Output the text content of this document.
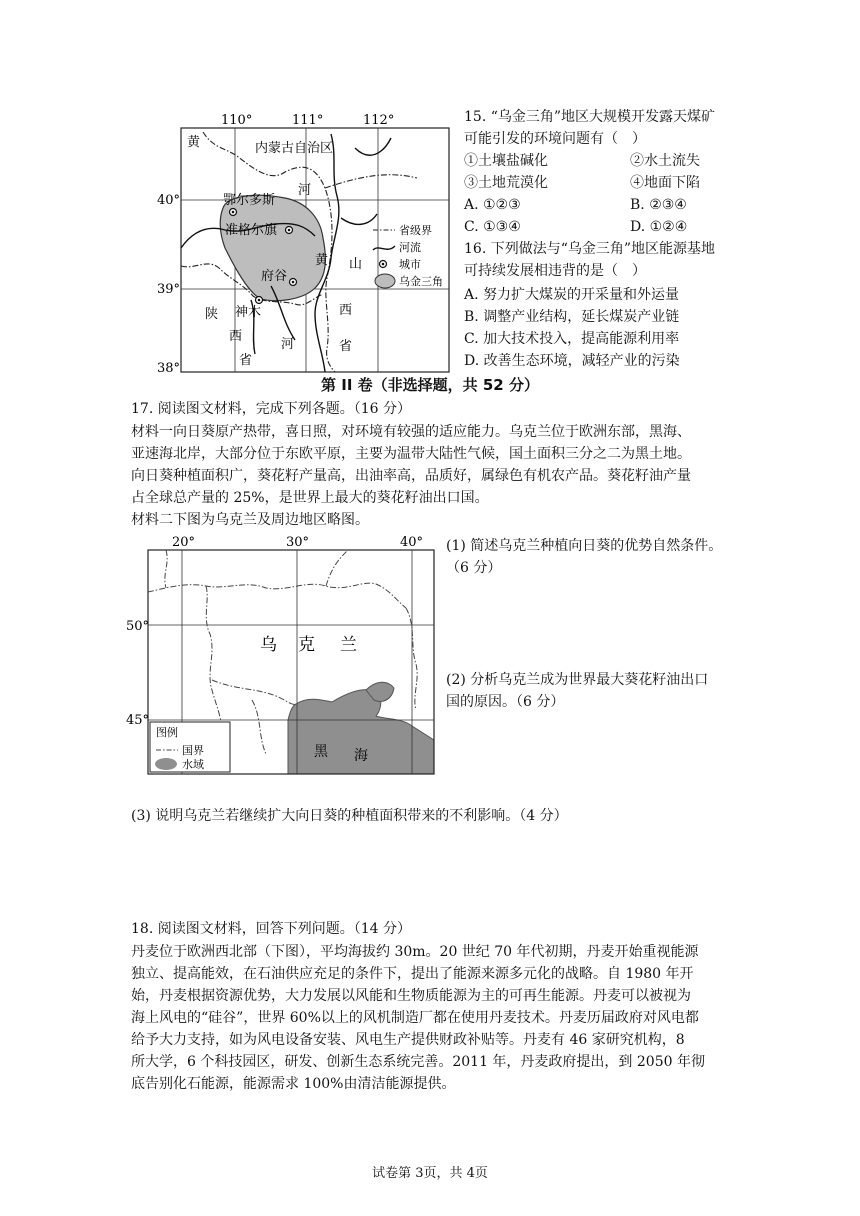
110°	111°	112°
40°
39°
38°
黄	内蒙古自治区
河
鄂尔多斯
准格尔旗
黄 山
府谷
神木
陕
西
省
河
西
省
省级界
河流
城市
乌金三角
15. “乌金三角”地区大规模开发露天煤矿
可能引发的环境问题有（　）
①土壤盐碱化	②水土流失
③土地荒漠化	④地面下陷
A. ①②③	B. ②③④
C. ①③④	D. ①②④
16. 下列做法与“乌金三角”地区能源基地
可持续发展相违背的是（　）
A. 努力扩大煤炭的开采量和外运量
B. 调整产业结构，延长煤炭产业链
C. 加大技术投入，提高能源利用率
D. 改善生态环境，减轻产业的污染
第 II 卷（非选择题，共 52 分）
17. 阅读图文材料，完成下列各题。（16 分）
材料一向日葵原产热带，喜日照，对环境有较强的适应能力。乌克兰位于欧洲东部，黑海、
亚速海北岸，大部分位于东欧平原，主要为温带大陆性气候，国土面积三分之二为黑土地。
向日葵种植面积广，葵花籽产量高，出油率高，品质好，属绿色有机农产品。葵花籽油产量
占全球总产量的 25%，是世界上最大的葵花籽油出口国。
材料二下图为乌克兰及周边地区略图。
图例
国界
水域
20°	30°	40°
50°
45°
乌 克 兰
黑 海
(1) 简述乌克兰种植向日葵的优势自然条件。
（6 分）
(2) 分析乌克兰成为世界最大葵花籽油出口
国的原因。（6 分）
(3) 说明乌克兰若继续扩大向日葵的种植面积带来的不利影响。（4 分）
18. 阅读图文材料，回答下列问题。（14 分）
丹麦位于欧洲西北部（下图），平均海拔约 30m。20 世纪 70 年代初期，丹麦开始重视能源
独立、提高能效，在石油供应充足的条件下，提出了能源来源多元化的战略。自 1980 年开
始，丹麦根据资源优势，大力发展以风能和生物质能源为主的可再生能源。丹麦可以被视为
海上风电的“硅谷”，世界 60%以上的风机制造厂都在使用丹麦技术。丹麦历届政府对风电都
给予大力支持，如为风电设备安装、风电生产提供财政补贴等。丹麦有 46 家研究机构，8
所大学，6 个科技园区，研发、创新生态系统完善。2011 年，丹麦政府提出，到 2050 年彻
底告别化石能源，能源需求 100%由清洁能源提供。
试卷第 3页，共 4页
